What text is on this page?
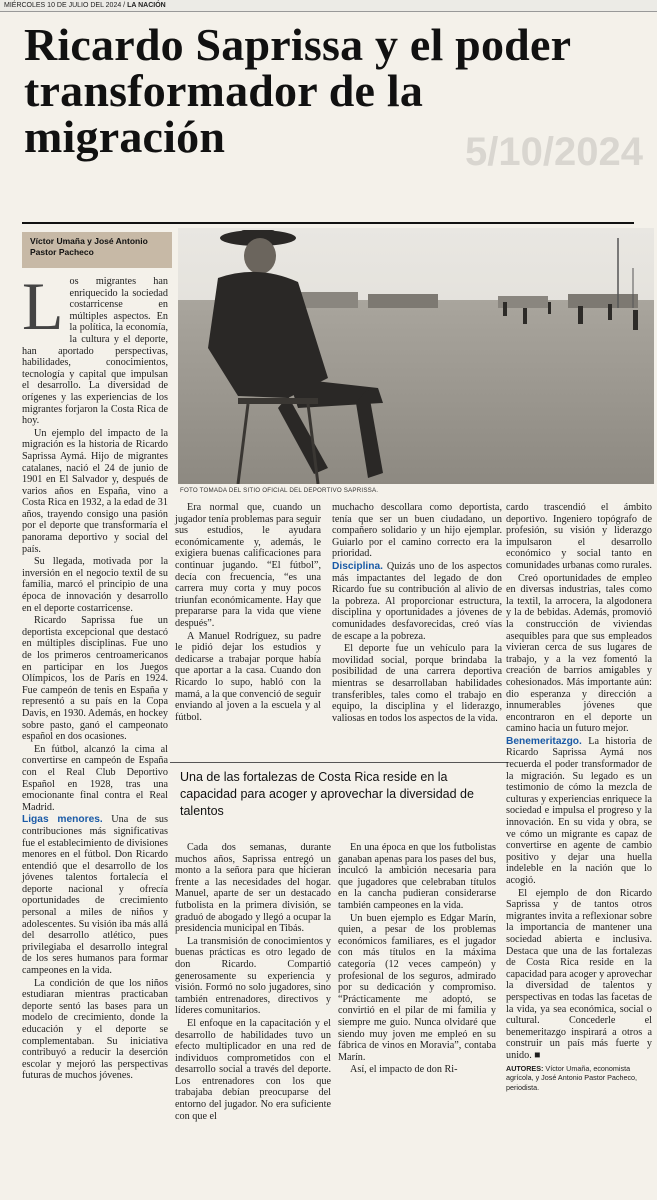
MIÉRCOLES 10 DE JULIO DEL 2024 / LA NACIÓN
Ricardo Saprissa y el poder transformador de la migración	5/10/2024
Víctor Umaña y José Antonio Pastor Pacheco
FOTO TOMADA DEL SITIO OFICIAL DEL DEPORTIVO SAPRISSA.

Los migrantes han enriquecido la sociedad costarricense en múltiples aspectos. En la política, la economía, la cultura y el deporte, han aportado perspectivas, habilidades, conocimientos, tecnología y capital que impulsan el desarrollo. La diversidad de orígenes y las experiencias de los migrantes forjaron la Costa Rica de hoy.

Un ejemplo del impacto de la migración es la historia de Ricardo Saprissa Aymá. Hijo de migrantes catalanes, nació el 24 de junio de 1901 en El Salvador y, después de varios años en España, vino a Costa Rica en 1932, a la edad de 31 años, trayendo consigo una pasión por el deporte que transformaría el panorama deportivo y social del país.

Su llegada, motivada por la inversión en el negocio textil de su familia, marcó el principio de una época de innovación y desarrollo en el deporte costarricense.

Ricardo Saprissa fue un deportista excepcional que destacó en múltiples disciplinas. Fue uno de los primeros centroamericanos en participar en los Juegos Olímpicos, los de París en 1924. Fue campeón de tenis en España y representó a su país en la Copa Davis, en 1930. Además, en hockey sobre pasto, ganó el campeonato español en dos ocasiones.

En fútbol, alcanzó la cima al convertirse en campeón de España con el Real Club Deportivo Español en 1928, tras una emocionante final contra el Real Madrid.

Ligas menores. Una de sus contribuciones más significativas fue el establecimiento de divisiones menores en el fútbol. Don Ricardo entendió que el desarrollo de los jóvenes talentos fortalecía el deporte nacional y ofrecía oportunidades de crecimiento personal a miles de niños y adolescentes. Su visión iba más allá del desarrollo atlético, pues privilegiaba el desarrollo integral de los seres humanos para formar campeones en la vida.

La condición de que los niños estudiaran mientras practicaban deporte sentó las bases para un modelo de crecimiento, donde la educación y el deporte se complementaban. Su iniciativa contribuyó a reducir la deserción escolar y mejoró las perspectivas futuras de muchos jóvenes.

Era normal que, cuando un jugador tenía problemas para seguir sus estudios, le ayudara económicamente y, además, le exigiera buenas calificaciones para continuar jugando. “El fútbol”, decía con frecuencia, “es una carrera muy corta y muy pocos triunfan económicamente. Hay que prepararse para la vida que viene después”.

A Manuel Rodríguez, su padre le pidió dejar los estudios y dedicarse a trabajar porque había que aportar a la casa. Cuando don Ricardo lo supo, habló con la mamá, a la que convenció de seguir enviando al joven a la escuela y al fútbol.

muchacho descollara como deportista, tenía que ser un buen ciudadano, un compañero solidario y un hijo ejemplar. Guiarlo por el camino correcto era la prioridad.

Disciplina. Quizás uno de los aspectos más impactantes del legado de don Ricardo fue su contribución al alivio de la pobreza. Al proporcionar estructura, disciplina y oportunidades a jóvenes de comunidades desfavorecidas, creó vías de escape a la pobreza.

El deporte fue un vehículo para la movilidad social, porque brindaba la posibilidad de una carrera deportiva mientras se desarrollaban habilidades transferibles, tales como el trabajo en equipo, la disciplina y el liderazgo, valiosas en todos los aspectos de la vida.

Una de las fortalezas de Costa Rica reside en la capacidad para acoger y aprovechar la diversidad de talentos

Cada dos semanas, durante muchos años, Saprissa entregó un monto a la señora para que hicieran frente a las necesidades del hogar. Manuel, aparte de ser un destacado futbolista en la primera división, se graduó de abogado y llegó a ocupar la presidencia municipal en Tibás.

La transmisión de conocimientos y buenas prácticas es otro legado de don Ricardo. Compartió generosamente su experiencia y visión. Formó no solo jugadores, sino también entrenadores, directivos y líderes comunitarios.

El enfoque en la capacitación y el desarrollo de habilidades tuvo un efecto multiplicador en una red de individuos comprometidos con el desarrollo social a través del deporte. Los entrenadores con los que trabajaba debían preocuparse del entorno del jugador. No era suficiente con que el

En una época en que los futbolistas ganaban apenas para los pases del bus, inculcó la ambición necesaria para que jugadores que celebraban títulos en la cancha pudieran considerarse también campeones en la vida.

Un buen ejemplo es Edgar Marín, quien, a pesar de los problemas económicos familiares, es el jugador con más títulos en la máxima categoría (12 veces campeón) y profesional de los seguros, admirado por su dedicación y compromiso. “Prácticamente me adoptó, se convirtió en el pilar de mi familia y siempre me guio. Nunca olvidaré que siendo muy joven me empleó en su fábrica de vinos en Moravia”, contaba Marín.

Así, el impacto de don Ri-

cardo trascendió el ámbito deportivo. Ingeniero topógrafo de profesión, su visión y liderazgo impulsaron el desarrollo económico y social tanto en comunidades urbanas como rurales.

Creó oportunidades de empleo en diversas industrias, tales como la textil, la arrocera, la algodonera y la de bebidas. Además, promovió la construcción de viviendas asequibles para que sus empleados vivieran cerca de sus lugares de trabajo, y a la vez fomentó la creación de barrios amigables y cohesionados. Más importante aún: dio esperanza y dirección a innumerables jóvenes que encontraron en el deporte un camino hacia un futuro mejor.

Benemeritazgo. La historia de Ricardo Saprissa Aymá nos recuerda el poder transformador de la migración. Su legado es un testimonio de cómo la mezcla de culturas y experiencias enriquece la sociedad e impulsa el progreso y la innovación. En su vida y obra, se ve cómo un migrante es capaz de convertirse en agente de cambio positivo y dejar una huella indeleble en la nación que lo acogió.

El ejemplo de don Ricardo Saprissa y de tantos otros migrantes invita a reflexionar sobre la importancia de mantener una sociedad abierta e inclusiva. Destaca que una de las fortalezas de Costa Rica reside en la capacidad para acoger y aprovechar la diversidad de talentos y perspectivas en todas las facetas de la vida, ya sea económica, social o cultural. Concederle el benemeritazgo inspirará a otros a construir un país más fuerte y unido. ■

AUTORES: Víctor Umaña, economista agrícola, y José Antonio Pastor Pacheco, periodista.
